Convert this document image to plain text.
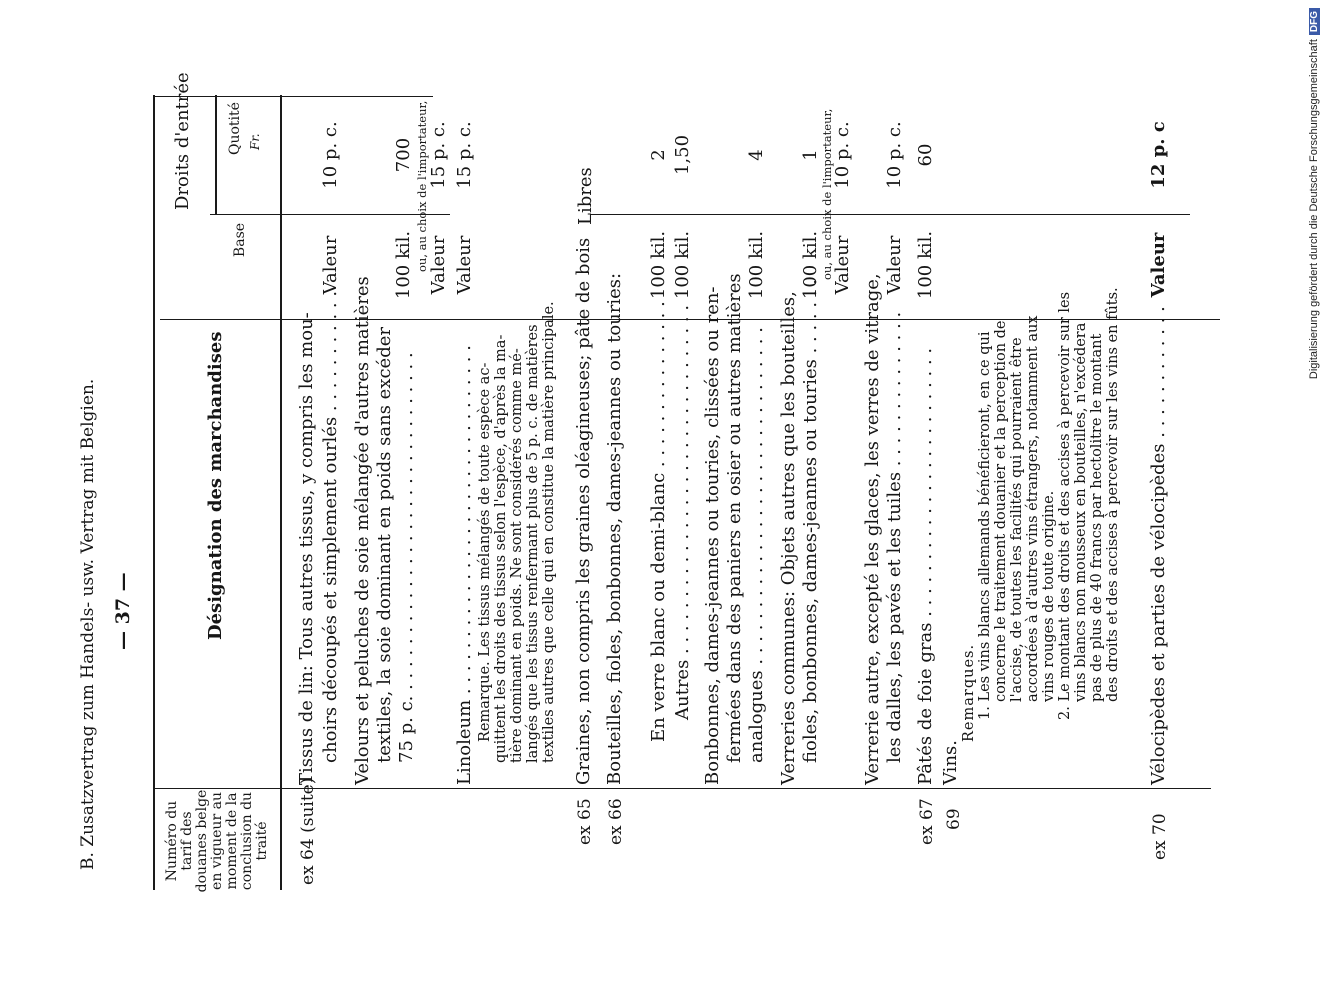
B. Zusatzvertrag zum Handels- usw. Vertrag mit Belgien. — 37 —
Numéro du tarif des douanes belge en vigueur au moment de la conclusion du traité
Désignation des marchandises
Droits d'entrée
Base
Quotité Fr.
ex 64 (suite)
Tissus de lin: Tous autres tissus, y compris les mou- choirs découpés et simplement ourlés . . . . . . . . . . .
Valeur
10 p. c.
Velours et peluches de soie mélangée d'autres matières textiles, la soie dominant en poids sans excéder 75 p. c. . . . . . . . . . . . . . . . . . . . . . . . . . . . . . .
100 kil.
700 ou, au choix de l'importateur, Valeur
15 p. c.
Linoleum . . . . . . . . . . . . . . . . . . . . . . . . . . . . . . .
Valeur
15 p. c.
Remarque. Les tissus mélangés de toute espèce ac- quittent les droits des tissus selon l'espèce, d'après la ma- tière dominant en poids. Ne sont considérés comme mé- langés que les tissus renfermant plus de 5 p. c. de matières textiles autres que celle qui en constitue la matière principale.
ex 65
Graines, non compris les graines oléagineuses; pâte de bois
Libres
ex 66
Bouteilles, fioles, bonbonnes, dames-jeannes ou touries: En verre blanc ou demi-blanc . . . . . . . . . . . . . . .
100 kil.
2
Autres . . . . . . . . . . . . . . . . . . . . . . . . . . . . . . .
100 kil.
1,50
Bonbonnes, dames-jeannes ou touries, clissées ou ren- fermées dans des paniers en osier ou autres matières analogues . . . . . . . . . . . . . . . . . . . . . . . . . . . . . .
100 kil.
4
Verreries communes: Objets autres que les bouteilles, fioles, bonbonnes, dames-jeannes ou touries . . . . . . .
100 kil.
1 ou, au choix de l'importateur,
Valeur
10 p. c.
Verrerie autre, excepté les glaces, les verres de vitrage, les dalles, les pavés et les tuiles . . . . . . . . . . . . . .
Valeur
10 p. c.
ex 67
Pâtés de foie gras . . . . . . . . . . . . . . . . . . . . . . . .
100 kil.
60
69
Vins.
Remarques. 1. Les vins blancs allemands bénéficieront, en ce qui concerne le traitement douanier et la perception de l'accise, de toutes les facilités qui pourraient être accordées à d'autres vins étrangers, notamment aux vins rouges de toute origine. 2. Le montant des droits et des accises à percevoir sur les vins blancs non mousseux en bouteilles, n'excédera pas de plus de 40 francs par hectolitre le montant des droits et des accises à percevoir sur les vins en fûts.
ex 70
Vélocipèdes et parties de vélocipèdes . . . . . . . . . . . .
Valeur
12 p. c	Digitalisierung gefördert durch die Deutsche ForschungsgemeinschaftDFG
